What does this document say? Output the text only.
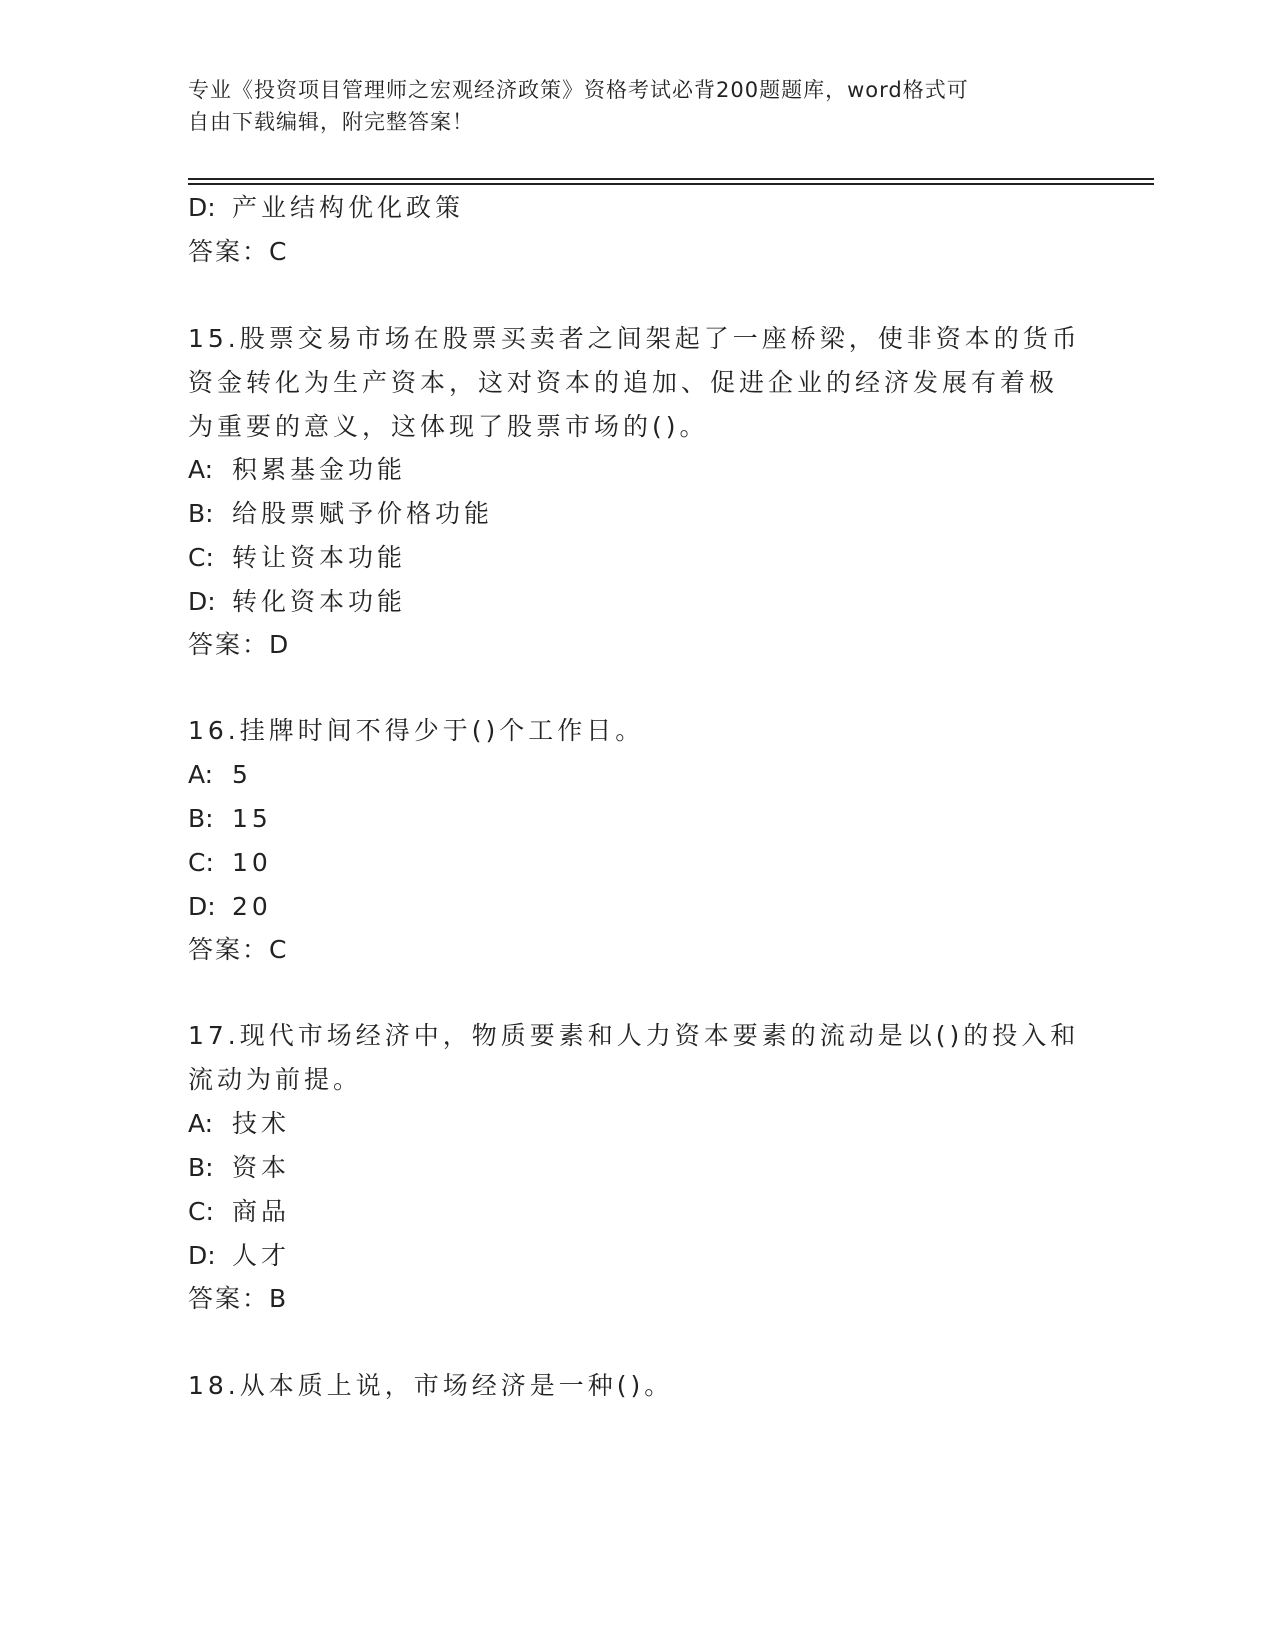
专业《投资项目管理师之宏观经济政策》资格考试必背200题题库，word格式可
自由下载编辑，附完整答案！
D: 产业结构优化政策
答案：C
15.股票交易市场在股票买卖者之间架起了一座桥梁，使非资本的货币
资金转化为生产资本，这对资本的追加、促进企业的经济发展有着极
为重要的意义，这体现了股票市场的()。
A: 积累基金功能
B: 给股票赋予价格功能
C: 转让资本功能
D: 转化资本功能
答案：D
16.挂牌时间不得少于()个工作日。
A: 5
B: 15
C: 10
D: 20
答案：C
17.现代市场经济中，物质要素和人力资本要素的流动是以()的投入和
流动为前提。
A: 技术
B: 资本
C: 商品
D: 人才
答案：B
18.从本质上说，市场经济是一种()。
